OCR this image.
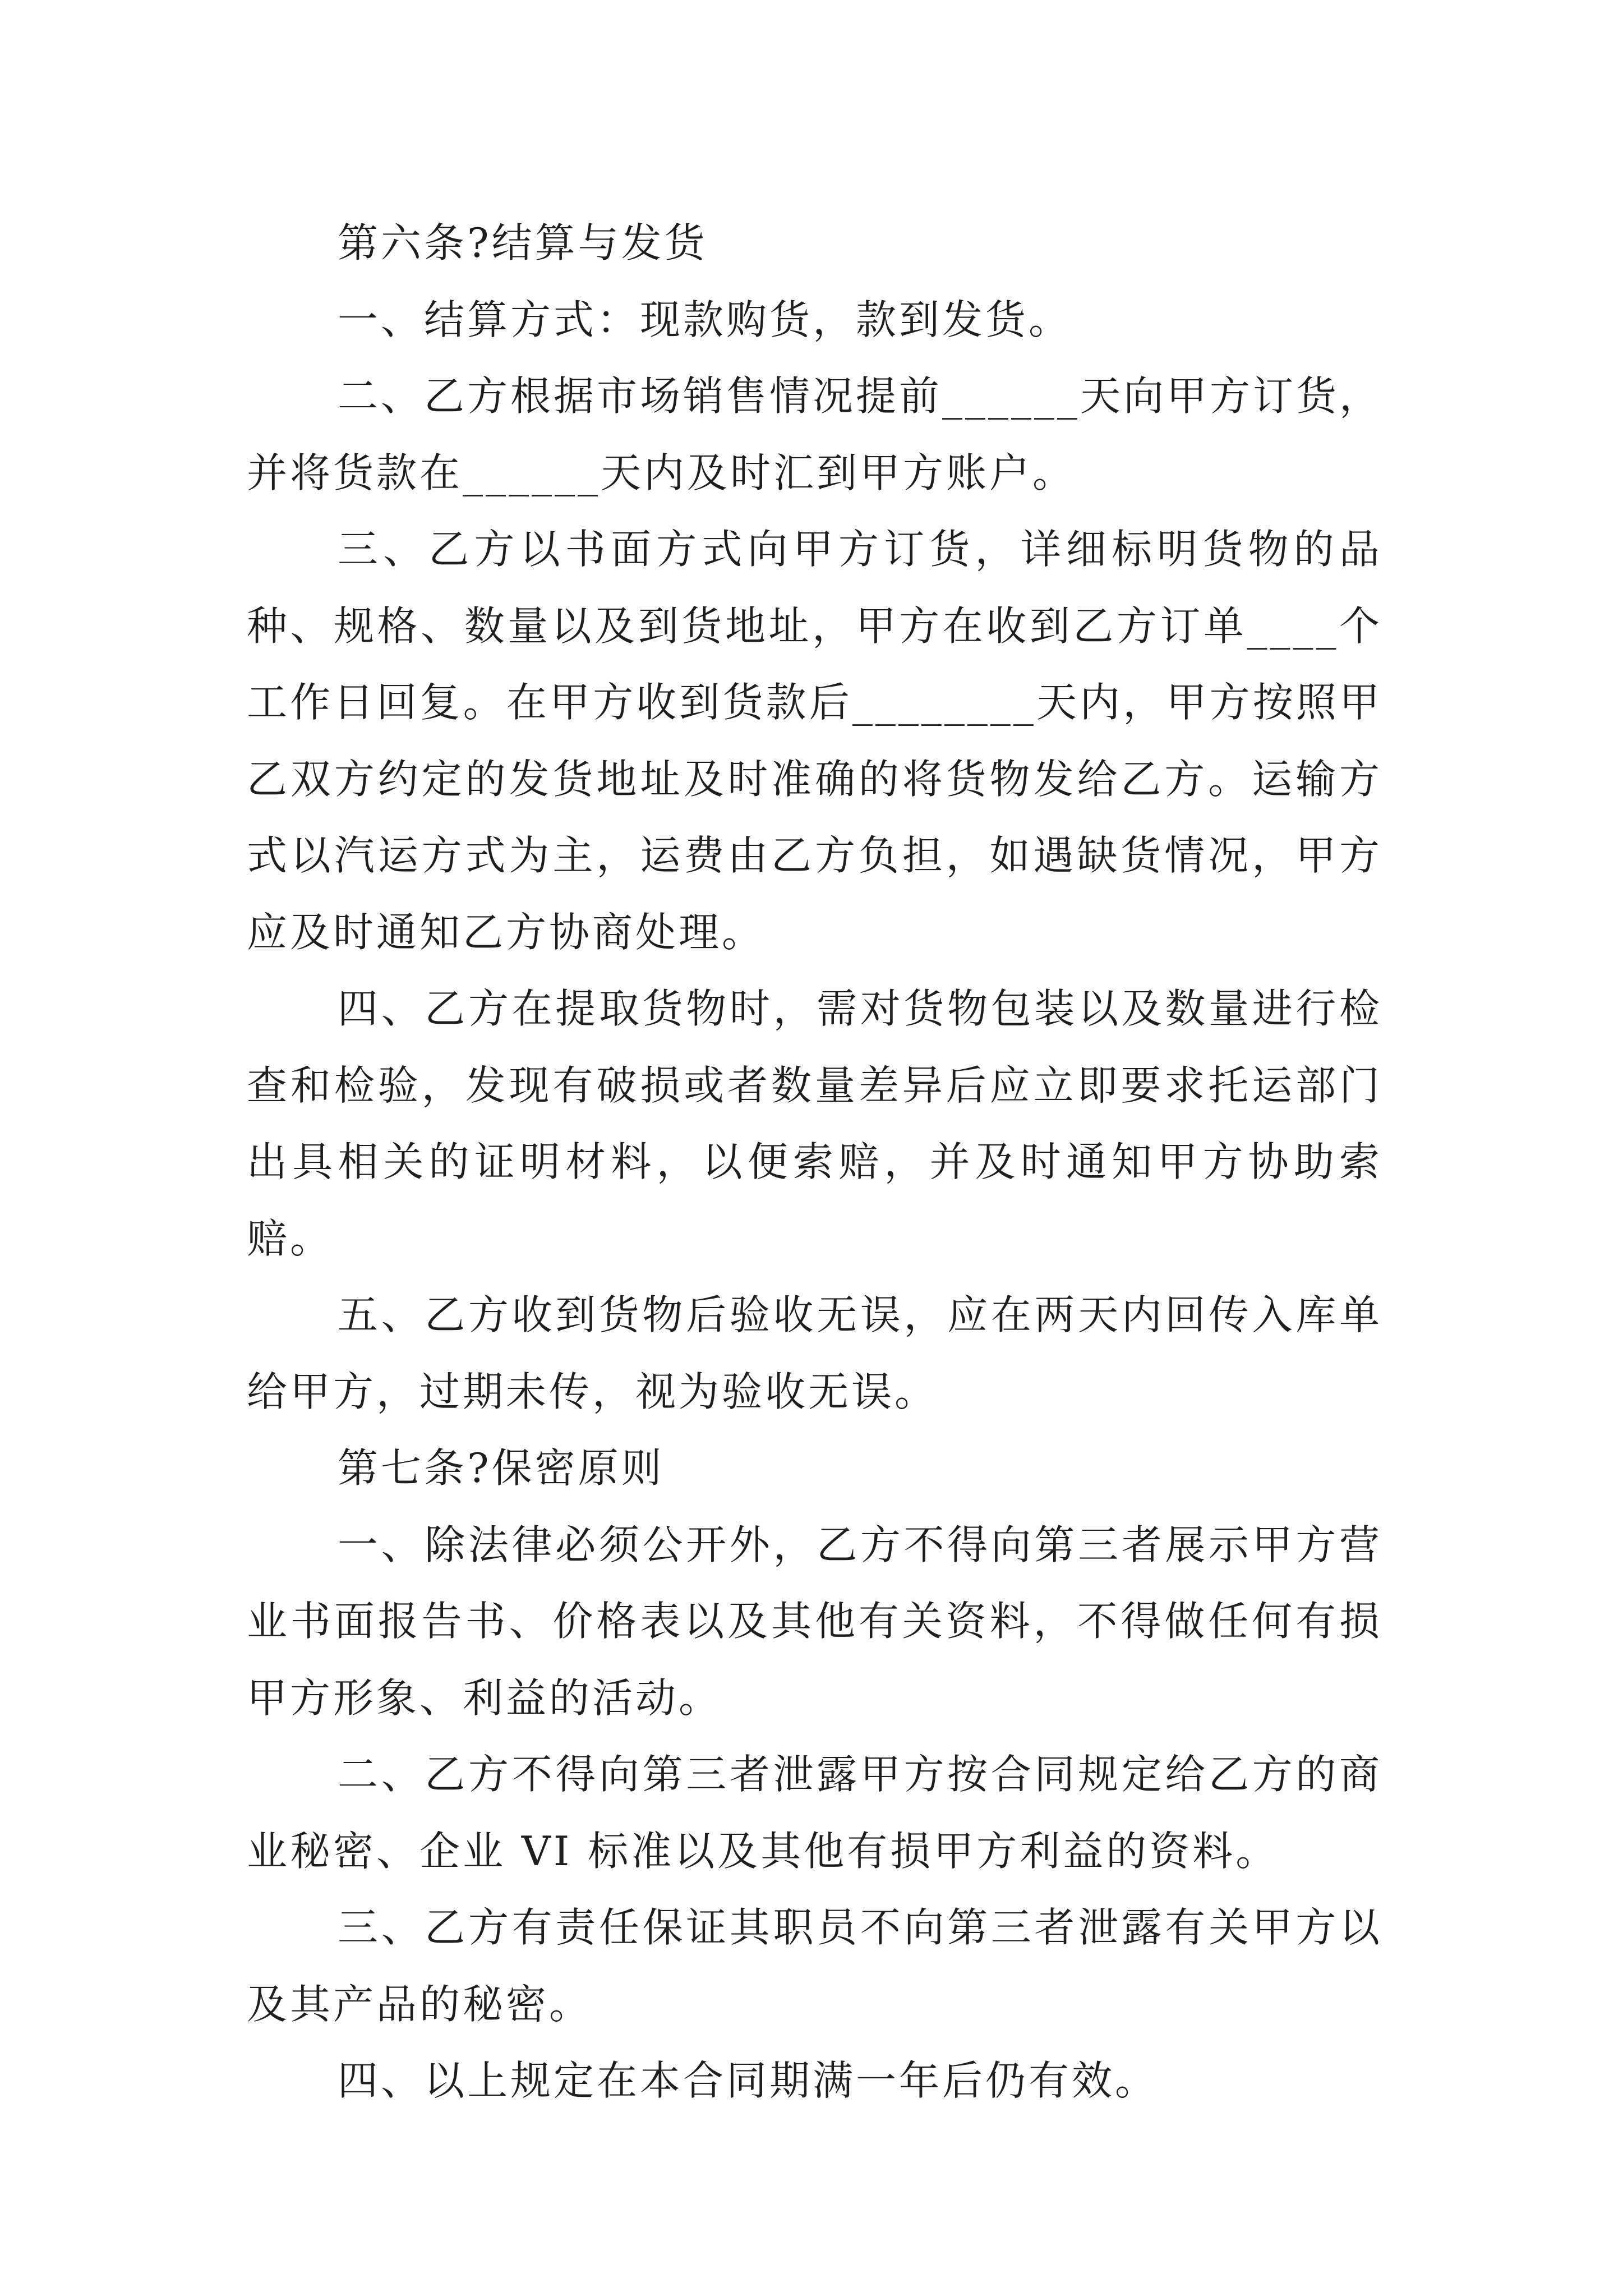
第六条?结算与发货

一、结算方式：现款购货，款到发货。

二、乙方根据市场销售情况提前______天向甲方订货，并将货款在______天内及时汇到甲方账户。

三、乙方以书面方式向甲方订货，详细标明货物的品种、规格、数量以及到货地址，甲方在收到乙方订单____个工作日回复。在甲方收到货款后________天内，甲方按照甲乙双方约定的发货地址及时准确的将货物发给乙方。运输方式以汽运方式为主，运费由乙方负担，如遇缺货情况，甲方应及时通知乙方协商处理。

四、乙方在提取货物时，需对货物包装以及数量进行检查和检验，发现有破损或者数量差异后应立即要求托运部门出具相关的证明材料，以便索赔，并及时通知甲方协助索赔。

五、乙方收到货物后验收无误，应在两天内回传入库单给甲方，过期未传，视为验收无误。

第七条?保密原则

一、除法律必须公开外，乙方不得向第三者展示甲方营业书面报告书、价格表以及其他有关资料，不得做任何有损甲方形象、利益的活动。

二、乙方不得向第三者泄露甲方按合同规定给乙方的商业秘密、企业 VI 标准以及其他有损甲方利益的资料。

三、乙方有责任保证其职员不向第三者泄露有关甲方以及其产品的秘密。

四、以上规定在本合同期满一年后仍有效。
